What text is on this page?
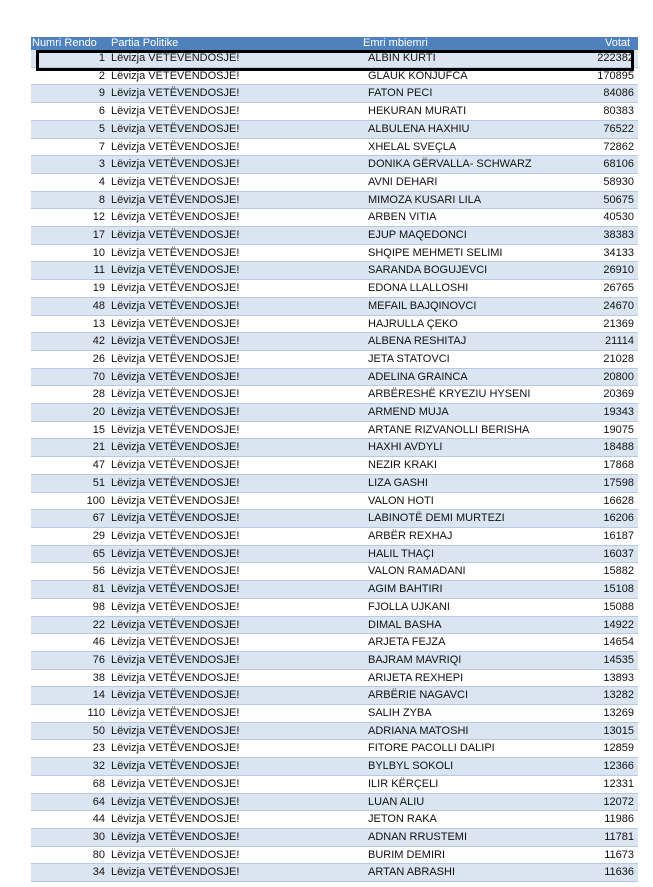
Numri Rendo	Partia Politike	Emri mbiemri	Votat
1	Lëvizja VETËVENDOSJE!	ALBIN KURTI	222382
2	Lëvizja VETËVENDOSJE!	GLAUK KONJUFCA	170895
9	Lëvizja VETËVENDOSJE!	FATON PECI	84086
6	Lëvizja VETËVENDOSJE!	HEKURAN MURATI	80383
5	Lëvizja VETËVENDOSJE!	ALBULENA HAXHIU	76522
7	Lëvizja VETËVENDOSJE!	XHELAL SVEÇLA	72862
3	Lëvizja VETËVENDOSJE!	DONIKA GËRVALLA- SCHWARZ	68106
4	Lëvizja VETËVENDOSJE!	AVNI DEHARI	58930
8	Lëvizja VETËVENDOSJE!	MIMOZA KUSARI LILA	50675
12	Lëvizja VETËVENDOSJE!	ARBEN VITIA	40530
17	Lëvizja VETËVENDOSJE!	EJUP MAQEDONCI	38383
10	Lëvizja VETËVENDOSJE!	SHQIPE MEHMETI SELIMI	34133
11	Lëvizja VETËVENDOSJE!	SARANDA BOGUJEVCI	26910
19	Lëvizja VETËVENDOSJE!	EDONA LLALLOSHI	26765
48	Lëvizja VETËVENDOSJE!	MEFAIL BAJQINOVCI	24670
13	Lëvizja VETËVENDOSJE!	HAJRULLA ÇEKO	21369
42	Lëvizja VETËVENDOSJE!	ALBENA RESHITAJ	21114
26	Lëvizja VETËVENDOSJE!	JETA STATOVCI	21028
70	Lëvizja VETËVENDOSJE!	ADELINA GRAINCA	20800
28	Lëvizja VETËVENDOSJE!	ARBËRESHË KRYEZIU HYSENI	20369
20	Lëvizja VETËVENDOSJE!	ARMEND MUJA	19343
15	Lëvizja VETËVENDOSJE!	ARTANE RIZVANOLLI BERISHA	19075
21	Lëvizja VETËVENDOSJE!	HAXHI AVDYLI	18488
47	Lëvizja VETËVENDOSJE!	NEZIR KRAKI	17868
51	Lëvizja VETËVENDOSJE!	LIZA GASHI	17598
100	Lëvizja VETËVENDOSJE!	VALON HOTI	16628
67	Lëvizja VETËVENDOSJE!	LABINOTË DEMI MURTEZI	16206
29	Lëvizja VETËVENDOSJE!	ARBËR REXHAJ	16187
65	Lëvizja VETËVENDOSJE!	HALIL THAÇI	16037
56	Lëvizja VETËVENDOSJE!	VALON RAMADANI	15882
81	Lëvizja VETËVENDOSJE!	AGIM BAHTIRI	15108
98	Lëvizja VETËVENDOSJE!	FJOLLA UJKANI	15088
22	Lëvizja VETËVENDOSJE!	DIMAL BASHA	14922
46	Lëvizja VETËVENDOSJE!	ARJETA FEJZA	14654
76	Lëvizja VETËVENDOSJE!	BAJRAM MAVRIQI	14535
38	Lëvizja VETËVENDOSJE!	ARIJETA REXHEPI	13893
14	Lëvizja VETËVENDOSJE!	ARBËRIE NAGAVCI	13282
110	Lëvizja VETËVENDOSJE!	SALIH ZYBA	13269
50	Lëvizja VETËVENDOSJE!	ADRIANA MATOSHI	13015
23	Lëvizja VETËVENDOSJE!	FITORE PACOLLI DALIPI	12859
32	Lëvizja VETËVENDOSJE!	BYLBYL SOKOLI	12366
68	Lëvizja VETËVENDOSJE!	ILIR KËRÇELI	12331
64	Lëvizja VETËVENDOSJE!	LUAN ALIU	12072
44	Lëvizja VETËVENDOSJE!	JETON RAKA	11986
30	Lëvizja VETËVENDOSJE!	ADNAN RRUSTEMI	11781
80	Lëvizja VETËVENDOSJE!	BURIM DEMIRI	11673
34	Lëvizja VETËVENDOSJE!	ARTAN ABRASHI	11636
